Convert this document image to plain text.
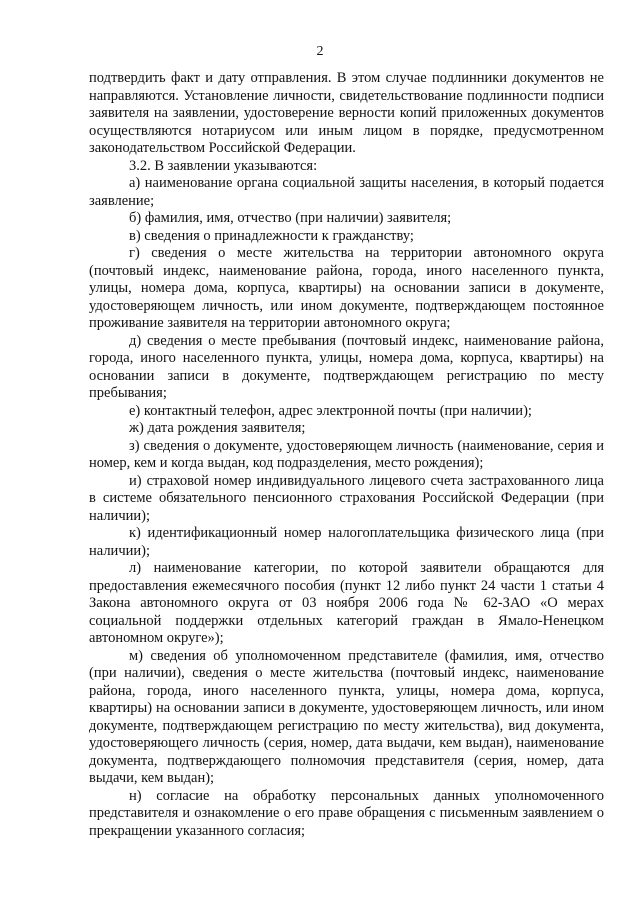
2

подтвердить факт и дату отправления. В этом случае подлинники документов не направляются. Установление личности, свидетельствование подлинности подписи заявителя на заявлении, удостоверение верности копий приложенных документов осуществляются нотариусом или иным лицом в порядке, предусмотренном законодательством Российской Федерации.

3.2. В заявлении указываются:

а) наименование органа социальной защиты населения, в который подается заявление;

б) фамилия, имя, отчество (при наличии) заявителя;

в) сведения о принадлежности к гражданству;

г) сведения о месте жительства на территории автономного округа (почтовый индекс, наименование района, города, иного населенного пункта, улицы, номера дома, корпуса, квартиры) на основании записи в документе, удостоверяющем личность, или ином документе, подтверждающем постоянное проживание заявителя на территории автономного округа;

д) сведения о месте пребывания (почтовый индекс, наименование района, города, иного населенного пункта, улицы, номера дома, корпуса, квартиры) на основании записи в документе, подтверждающем регистрацию по месту пребывания;

е) контактный телефон, адрес электронной почты (при наличии);

ж) дата рождения заявителя;

з) сведения о документе, удостоверяющем личность (наименование, серия и номер, кем и когда выдан, код подразделения, место рождения);

и) страховой номер индивидуального лицевого счета застрахованного лица в системе обязательного пенсионного страхования Российской Федерации (при наличии);

к) идентификационный номер налогоплательщика физического лица (при наличии);

л) наименование категории, по которой заявители обращаются для предоставления ежемесячного пособия (пункт 12 либо пункт 24 части 1 статьи 4 Закона автономного округа от 03 ноября 2006 года № 62-ЗАО «О мерах социальной поддержки отдельных категорий граждан в Ямало-Ненецком автономном округе»);

м) сведения об уполномоченном представителе (фамилия, имя, отчество (при наличии), сведения о месте жительства (почтовый индекс, наименование района, города, иного населенного пункта, улицы, номера дома, корпуса, квартиры) на основании записи в документе, удостоверяющем личность, или ином документе, подтверждающем регистрацию по месту жительства), вид документа, удостоверяющего личность (серия, номер, дата выдачи, кем выдан), наименование документа, подтверждающего полномочия представителя (серия, номер, дата выдачи, кем выдан);

н) согласие на обработку персональных данных уполномоченного представителя и ознакомление о его праве обращения с письменным заявлением о прекращении указанного согласия;
